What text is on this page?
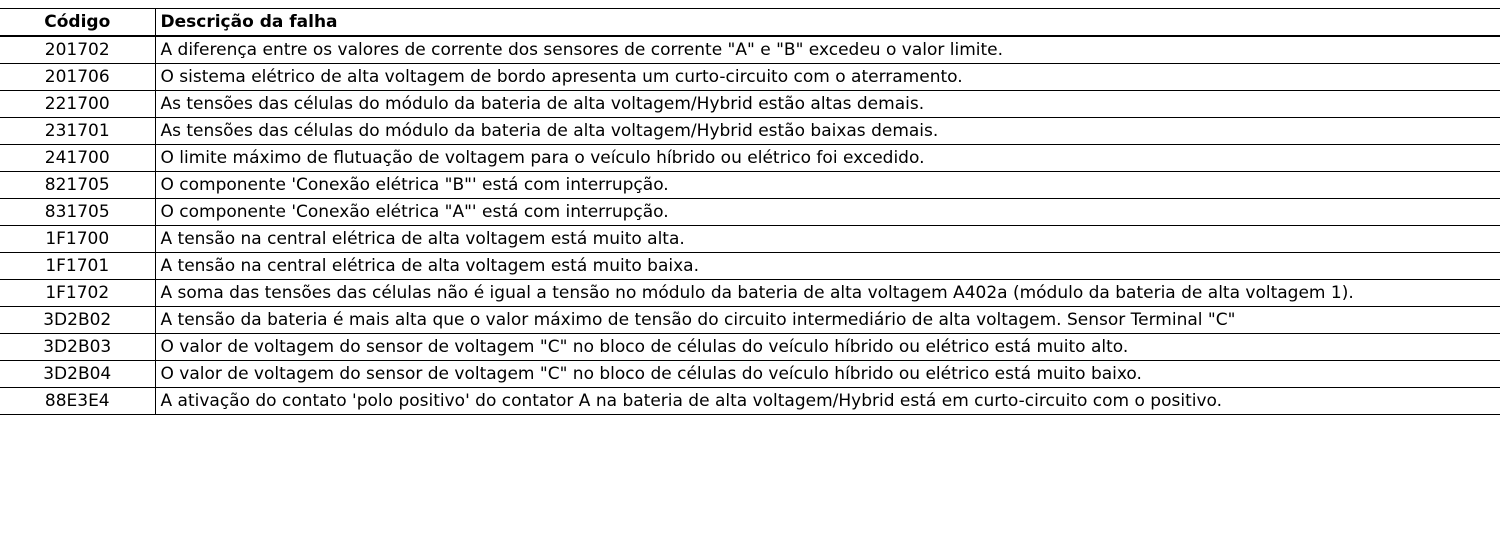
Código	Descrição da falha
201702	A diferença entre os valores de corrente dos sensores de corrente "A" e "B" excedeu o valor limite.
201706	O sistema elétrico de alta voltagem de bordo apresenta um curto-circuito com o aterramento.
221700	As tensões das células do módulo da bateria de alta voltagem/Hybrid estão altas demais.
231701	As tensões das células do módulo da bateria de alta voltagem/Hybrid estão baixas demais.
241700	O limite máximo de flutuação de voltagem para o veículo híbrido ou elétrico foi excedido.
821705	O componente 'Conexão elétrica "B"' está com interrupção.
831705	O componente 'Conexão elétrica "A"' está com interrupção.
1F1700	A tensão na central elétrica de alta voltagem está muito alta.
1F1701	A tensão na central elétrica de alta voltagem está muito baixa.
1F1702	A soma das tensões das células não é igual a tensão no módulo da bateria de alta voltagem A402a (módulo da bateria de alta voltagem 1).
3D2B02	A tensão da bateria é mais alta que o valor máximo de tensão do circuito intermediário de alta voltagem. Sensor Terminal "C"
3D2B03	O valor de voltagem do sensor de voltagem "C" no bloco de células do veículo híbrido ou elétrico está muito alto.
3D2B04	O valor de voltagem do sensor de voltagem "C" no bloco de células do veículo híbrido ou elétrico está muito baixo.
88E3E4	A ativação do contato 'polo positivo' do contator A na bateria de alta voltagem/Hybrid está em curto-circuito com o positivo.
